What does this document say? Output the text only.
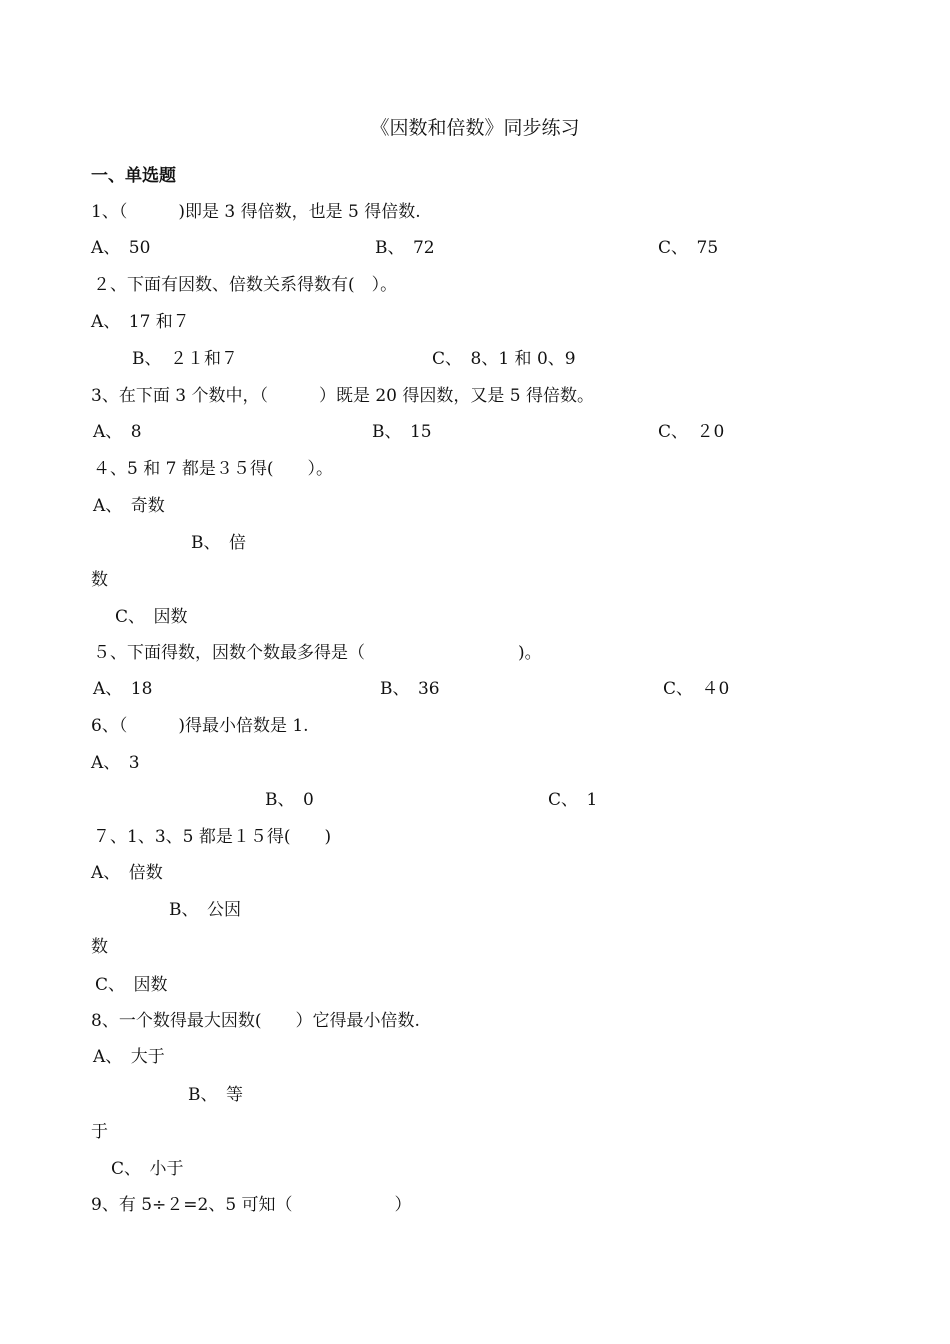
《因数和倍数》同步练习
一、单选题
1、（　　　)即是 3 得倍数，也是 5 得倍数.
A、　50	B、　72	C、　75
２、下面有因数、倍数关系得数有(　）。
A、　17 和７
B、　２１和７	C、　8、1 和 0、9
3、在下面 3 个数中，（　　　）既是 20 得因数，又是 5 得倍数。
A、　8	B、　15	C、　２0
４、5 和 7 都是３５得(　　）。
A、　奇数
B、　倍
数
C、　因数
５、下面得数，因数个数最多得是（　　　　　　　　　)。
A、　18	B、　36	C、　４0
6、（　　　)得最小倍数是 1.
A、　3
B、　0	C、　1
７、1、3、5 都是１５得(　　)
A、　倍数
B、　公因
数
C、　因数
8、一个数得最大因数(　　）它得最小倍数.
A、　大于
B、　等
于
C、　小于
9、有 5÷２=2、5 可知（　　　　　　）
